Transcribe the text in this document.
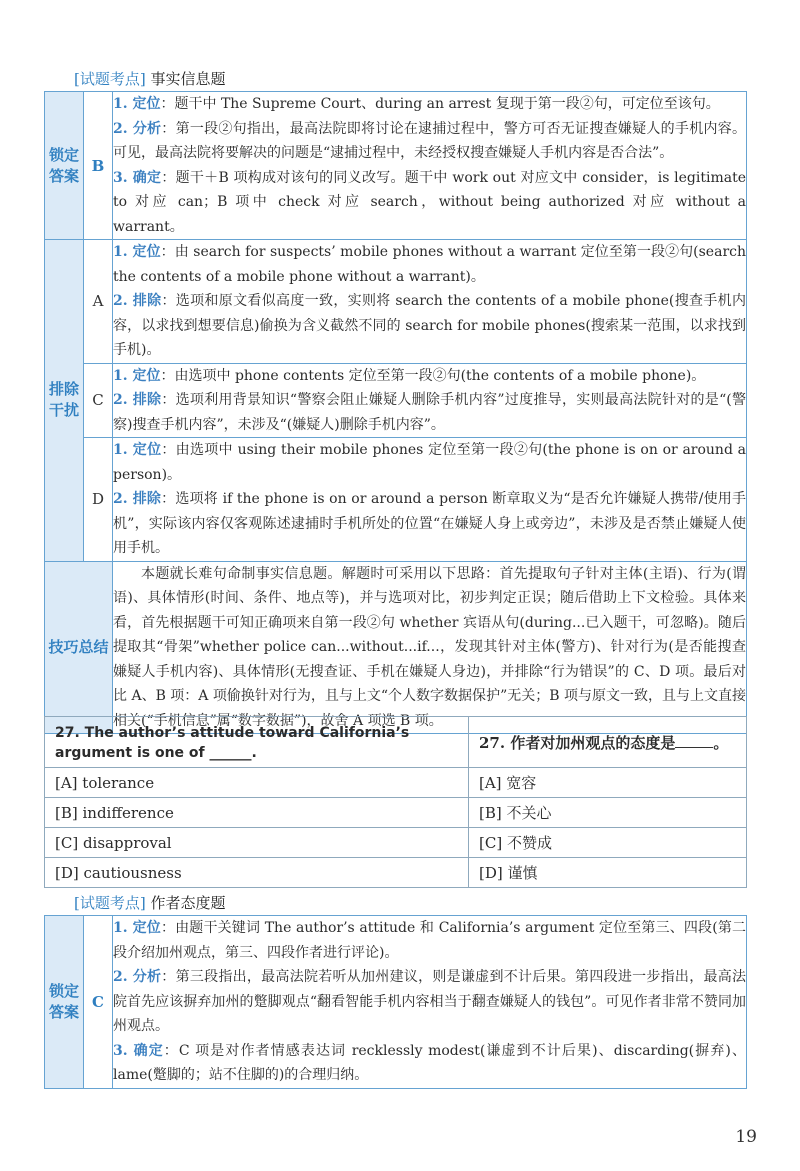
[试题考点] 事实信息题
锁定答案	B	1. 定位：题干中 The Supreme Court、during an arrest 复现于第一段②句，可定位至该句。

2. 分析：第一段②句指出，最高法院即将讨论在逮捕过程中，警方可否无证搜查嫌疑人的手机内容。可见，最高法院将要解决的问题是“逮捕过程中，未经授权搜查嫌疑人手机内容是否合法”。

3. 确定：题干＋B 项构成对该句的同义改写。题干中 work out 对应文中 consider，is legitimate to 对应 can；B 项中 check 对应 search，without being authorized 对应 without a warrant。

排除干扰	A	1. 定位：由 search for suspects’ mobile phones without a warrant 定位至第一段②句(search the contents of a mobile phone without a warrant)。

2. 排除：选项和原文看似高度一致，实则将 search the contents of a mobile phone(搜查手机内容，以求找到想要信息)偷换为含义截然不同的 search for mobile phones(搜索某一范围，以求找到手机)。

	C	1. 定位：由选项中 phone contents 定位至第一段②句(the contents of a mobile phone)。

2. 排除：选项利用背景知识“警察会阻止嫌疑人删除手机内容”过度推导，实则最高法院针对的是“(警察)搜查手机内容”，未涉及“(嫌疑人)删除手机内容”。

	D	1. 定位：由选项中 using their mobile phones 定位至第一段②句(the phone is on or around a person)。

2. 排除：选项将 if the phone is on or around a person 断章取义为“是否允许嫌疑人携带/使用手机”，实际该内容仅客观陈述逮捕时手机所处的位置“在嫌疑人身上或旁边”，未涉及是否禁止嫌疑人使用手机。

技巧总结		本题就长难句命制事实信息题。解题时可采用以下思路：首先提取句子针对主体(主语)、行为(谓语)、具体情形(时间、条件、地点等)，并与选项对比，初步判定正误；随后借助上下文检验。具体来看，首先根据题干可知正确项来自第一段②句 whether 宾语从句(during...已入题干，可忽略)。随后提取其“骨架”whether police can...without...if...，发现其针对主体(警方)、针对行为(是否能搜查嫌疑人手机内容)、具体情形(无搜查证、手机在嫌疑人身边)，并排除“行为错误”的 C、D 项。最后对比 A、B 项：A 项偷换针对行为，且与上文“个人数字数据保护”无关；B 项与原文一致，且与上文直接相关(“手机信息”属“数字数据”)，故舍 A 项选 B 项。

27. The author’s attitude toward California’s argument is one of ______.	27. 作者对加州观点的态度是 。
[A] tolerance	[A] 宽容
[B] indifference	[B] 不关心
[C] disapproval	[C] 不赞成
[D] cautiousness	[D] 谨慎
[试题考点] 作者态度题
锁定答案	C	

1. 定位：由题干关键词 The author’s attitude 和 California’s argument 定位至第三、四段(第二段介绍加州观点，第三、四段作者进行评论)。

2. 分析：第三段指出，最高法院若听从加州建议，则是谦虚到不计后果。第四段进一步指出，最高法院首先应该摒弃加州的蹩脚观点“翻看智能手机内容相当于翻查嫌疑人的钱包”。可见作者非常不赞同加州观点。

3. 确定：C 项是对作者情感表达词 recklessly modest(谦虚到不计后果)、discarding(摒弃)、lame(蹩脚的；站不住脚的)的合理归纳。

19
